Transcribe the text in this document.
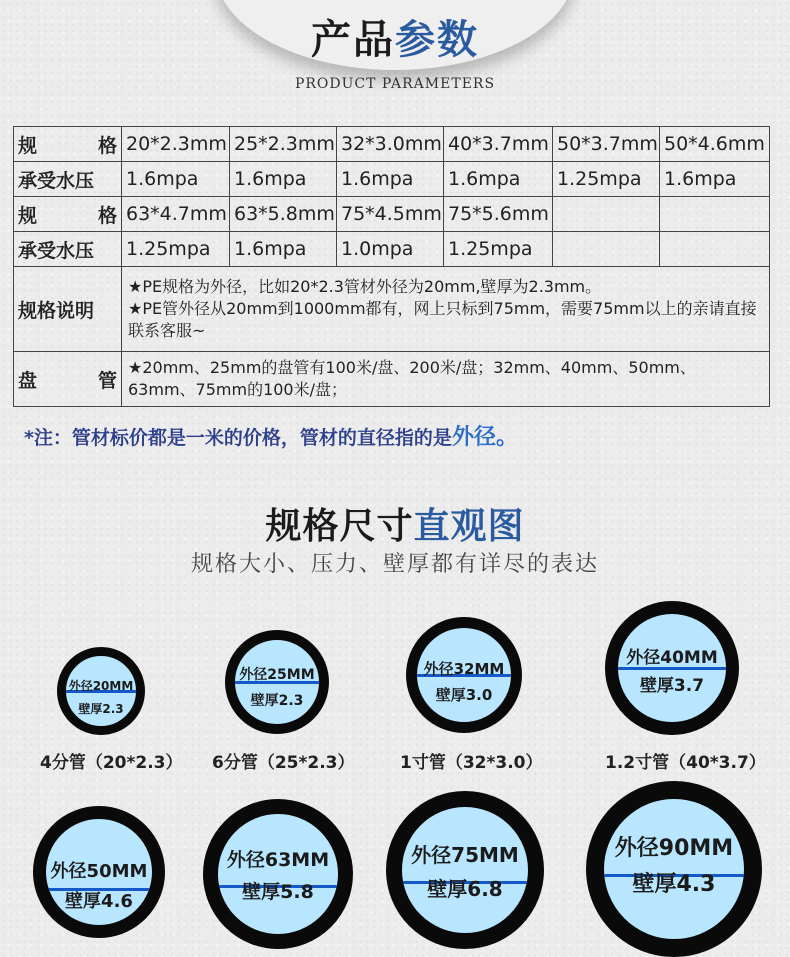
产品参数
PRODUCT PARAMETERS
规　格	20*2.3mm	25*2.3mm	32*3.0mm	40*3.7mm	50*3.7mm	50*4.6mm
承受水压	1.6mpa	1.6mpa	1.6mpa	1.6mpa	1.25mpa	1.6mpa
规　格	63*4.7mm	63*5.8mm	75*4.5mm	75*5.6mm		
承受水压	1.25mpa	1.6mpa	1.0mpa	1.25mpa		
规格说明	★PE规格为外径，比如20*2.3管材外径为20mm,壁厚为2.3mm。
★PE管外径从20mm到1000mm都有，网上只标到75mm，需要75mm以上的亲请直接联系客服~					

盘　管	★20mm、25mm的盘管有100米/盘、200米/盘；32mm、40mm、50mm、63mm、75mm的100米/盘；					
*注：管材标价都是一米的价格，管材的直径指的是外径。
规格尺寸直观图
规格大小、压力、壁厚都有详尽的表达
外径20MM
壁厚2.3
外径25MM
壁厚2.3
外径32MM
壁厚3.0
外径40MM
壁厚3.7
4分管（20*2.3） 6分管（25*2.3）	1寸管（32*3.0）	1.2寸管（40*3.7）
外径50MM
壁厚4.6
外径63MM
壁厚5.8
外径75MM
壁厚6.8
外径90MM
壁厚4.3
